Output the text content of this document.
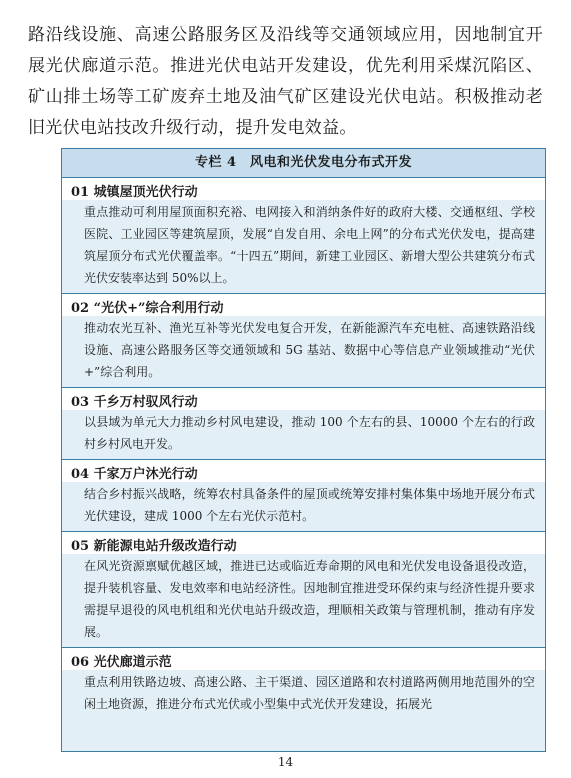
路沿线设施、高速公路服务区及沿线等交通领域应用，因地制宜开展光伏廊道示范。推进光伏电站开发建设，优先利用采煤沉陷区、矿山排土场等工矿废弃土地及油气矿区建设光伏电站。积极推动老旧光伏电站技改升级行动，提升发电效益。

专栏 4　风电和光伏发电分布式开发
01 城镇屋顶光伏行动
重点推动可利用屋顶面积充裕、电网接入和消纳条件好的政府大楼、交通枢纽、学校医院、工业园区等建筑屋顶，发展“自发自用、余电上网”的分布式光伏发电，提高建筑屋顶分布式光伏覆盖率。“十四五”期间，新建工业园区、新增大型公共建筑分布式光伏安装率达到 50%以上。
02 “光伏+”综合利用行动
推动农光互补、渔光互补等光伏发电复合开发，在新能源汽车充电桩、高速铁路沿线设施、高速公路服务区等交通领域和 5G 基站、数据中心等信息产业领域推动“光伏+”综合利用。
03 千乡万村驭风行动
以县域为单元大力推动乡村风电建设，推动 100 个左右的县、10000 个左右的行政村乡村风电开发。
04 千家万户沐光行动
结合乡村振兴战略，统筹农村具备条件的屋顶或统筹安排村集体集中场地开展分布式光伏建设，建成 1000 个左右光伏示范村。
05 新能源电站升级改造行动
在风光资源禀赋优越区域，推进已达或临近寿命期的风电和光伏发电设备退役改造，提升装机容量、发电效率和电站经济性。因地制宜推进受环保约束与经济性提升要求需提早退役的风电机组和光伏电站升级改造，理顺相关政策与管理机制，推动有序发展。
06 光伏廊道示范
重点利用铁路边坡、高速公路、主干渠道、园区道路和农村道路两侧用地范围外的空闲土地资源，推进分布式光伏或小型集中式光伏开发建设，拓展光
14
